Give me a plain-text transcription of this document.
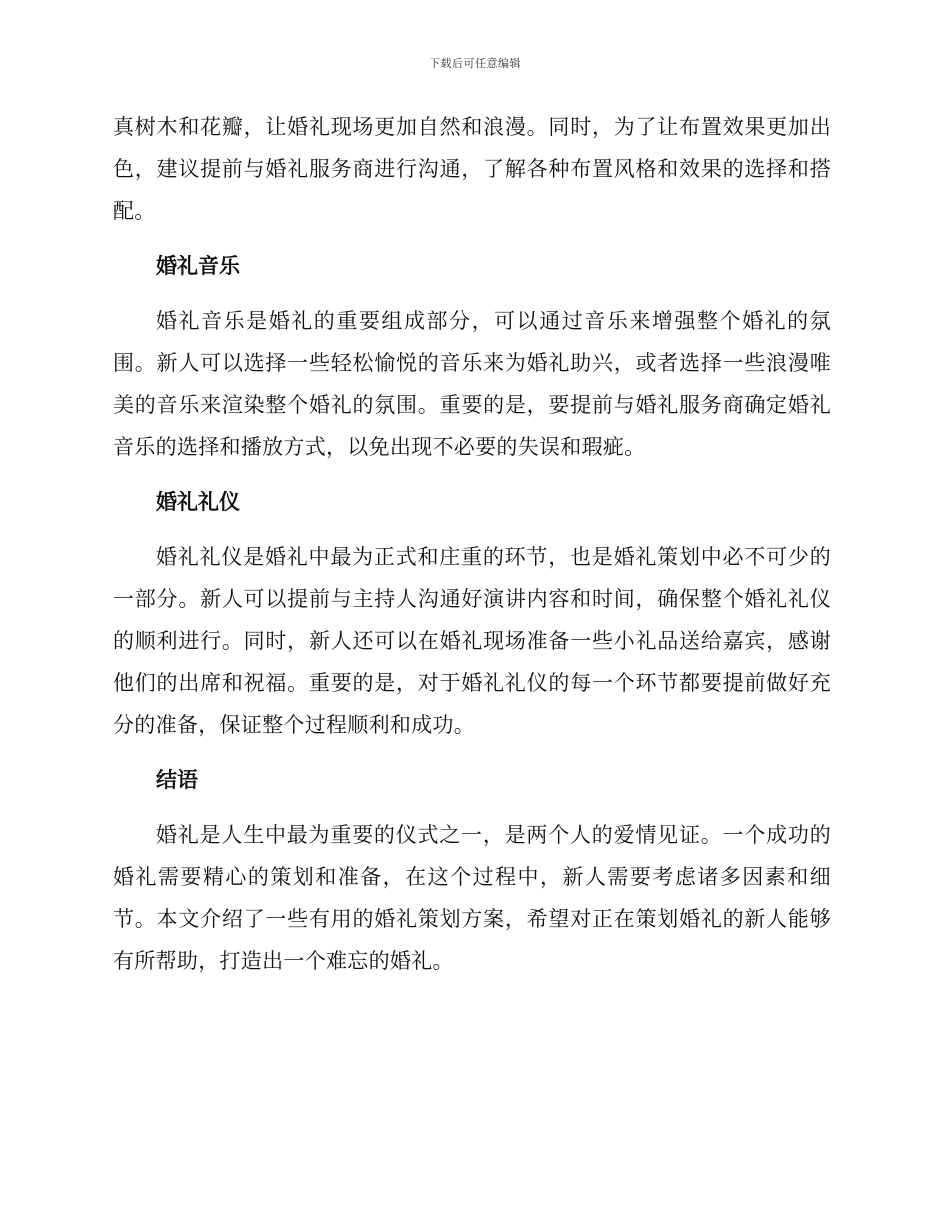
下载后可任意编辑

真树木和花瓣，让婚礼现场更加自然和浪漫。同时，为了让布置效果更加出色，建议提前与婚礼服务商进行沟通，了解各种布置风格和效果的选择和搭配。

婚礼音乐

婚礼音乐是婚礼的重要组成部分，可以通过音乐来增强整个婚礼的氛围。新人可以选择一些轻松愉悦的音乐来为婚礼助兴，或者选择一些浪漫唯美的音乐来渲染整个婚礼的氛围。重要的是，要提前与婚礼服务商确定婚礼音乐的选择和播放方式，以免出现不必要的失误和瑕疵。

婚礼礼仪

婚礼礼仪是婚礼中最为正式和庄重的环节，也是婚礼策划中必不可少的一部分。新人可以提前与主持人沟通好演讲内容和时间，确保整个婚礼礼仪的顺利进行。同时，新人还可以在婚礼现场准备一些小礼品送给嘉宾，感谢他们的出席和祝福。重要的是，对于婚礼礼仪的每一个环节都要提前做好充分的准备，保证整个过程顺利和成功。

结语

婚礼是人生中最为重要的仪式之一，是两个人的爱情见证。一个成功的婚礼需要精心的策划和准备，在这个过程中，新人需要考虑诸多因素和细节。本文介绍了一些有用的婚礼策划方案，希望对正在策划婚礼的新人能够有所帮助，打造出一个难忘的婚礼。
